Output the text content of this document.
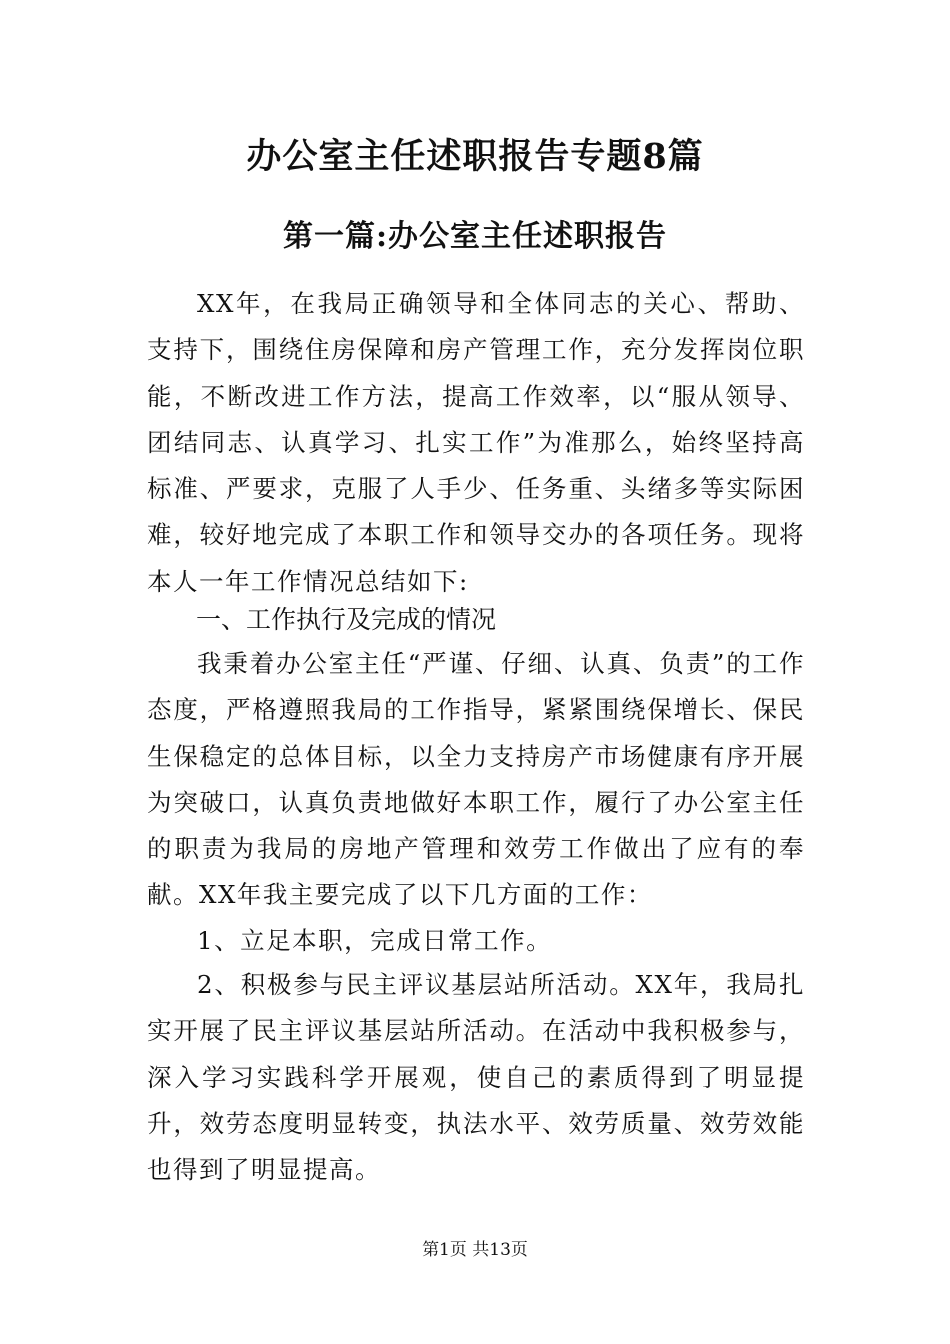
办公室主任述职报告专题8篇
第一篇:办公室主任述职报告
XX年，在我局正确领导和全体同志的关心、帮助、支持下，围绕住房保障和房产管理工作，充分发挥岗位职能，不断改进工作方法，提高工作效率，以“服从领导、团结同志、认真学习、扎实工作”为准那么，始终坚持高标准、严要求，克服了人手少、任务重、头绪多等实际困难，较好地完成了本职工作和领导交办的各项任务。现将本人一年工作情况总结如下:
一、工作执行及完成的情况
我秉着办公室主任“严谨、仔细、认真、负责”的工作态度，严格遵照我局的工作指导，紧紧围绕保增长、保民生保稳定的总体目标，以全力支持房产市场健康有序开展为突破口，认真负责地做好本职工作，履行了办公室主任的职责为我局的房地产管理和效劳工作做出了应有的奉献。XX年我主要完成了以下几方面的工作：
1、立足本职，完成日常工作。
2、积极参与民主评议基层站所活动。XX年，我局扎实开展了民主评议基层站所活动。在活动中我积极参与，深入学习实践科学开展观，使自己的素质得到了明显提升，效劳态度明显转变，执法水平、效劳质量、效劳效能也得到了明显提高。
第1页 共13页
